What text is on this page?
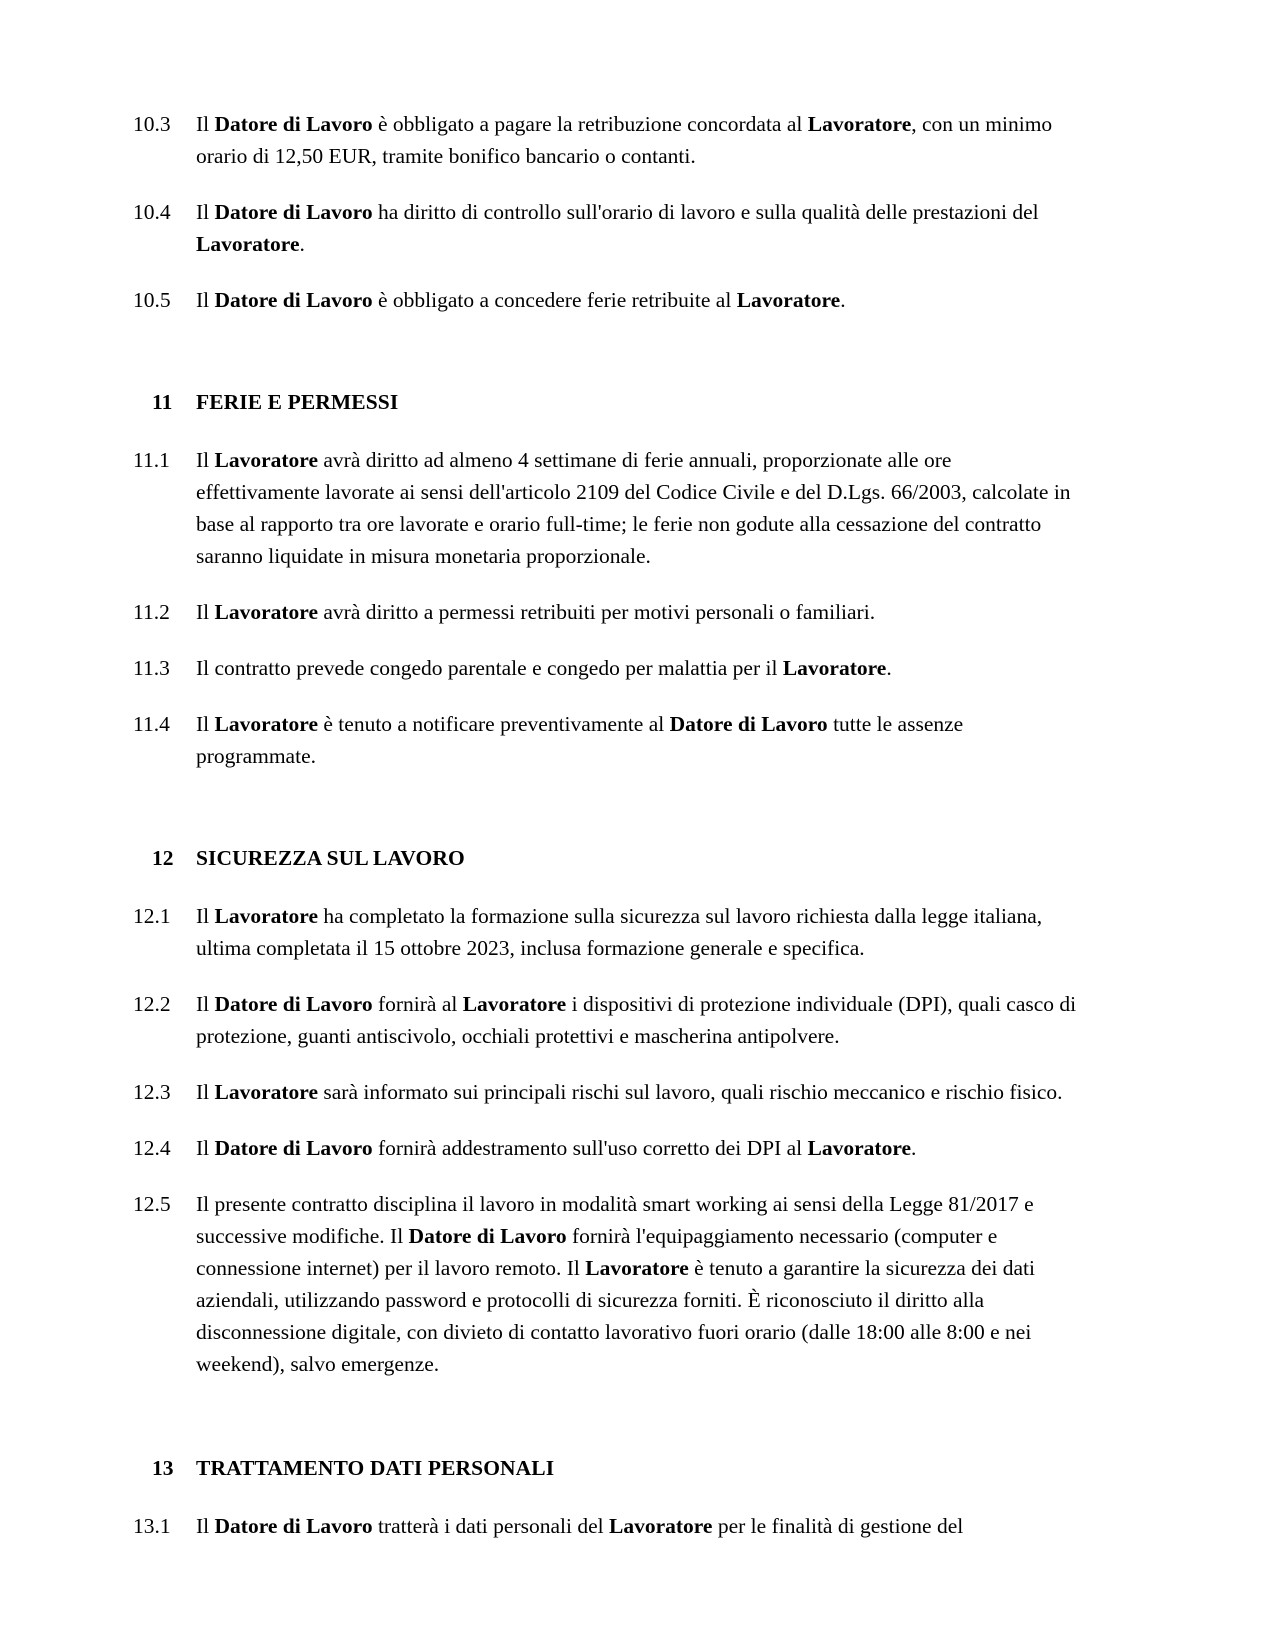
10.3	Il Datore di Lavoro è obbligato a pagare la retribuzione concordata al Lavoratore, con un minimo orario di 12,50 EUR, tramite bonifico bancario o contanti.
10.4	Il Datore di Lavoro ha diritto di controllo sull'orario di lavoro e sulla qualità delle prestazioni del Lavoratore.
10.5	Il Datore di Lavoro è obbligato a concedere ferie retribuite al Lavoratore.
11	FERIE E PERMESSI
11.1	Il Lavoratore avrà diritto ad almeno 4 settimane di ferie annuali, proporzionate alle ore effettivamente lavorate ai sensi dell'articolo 2109 del Codice Civile e del D.Lgs. 66/2003, calcolate in base al rapporto tra ore lavorate e orario full-time; le ferie non godute alla cessazione del contratto saranno liquidate in misura monetaria proporzionale.
11.2	Il Lavoratore avrà diritto a permessi retribuiti per motivi personali o familiari.
11.3	Il contratto prevede congedo parentale e congedo per malattia per il Lavoratore.
11.4	Il Lavoratore è tenuto a notificare preventivamente al Datore di Lavoro tutte le assenze programmate.
12	SICUREZZA SUL LAVORO
12.1	Il Lavoratore ha completato la formazione sulla sicurezza sul lavoro richiesta dalla legge italiana, ultima completata il 15 ottobre 2023, inclusa formazione generale e specifica.
12.2	Il Datore di Lavoro fornirà al Lavoratore i dispositivi di protezione individuale (DPI), quali casco di protezione, guanti antiscivolo, occhiali protettivi e mascherina antipolvere.
12.3	Il Lavoratore sarà informato sui principali rischi sul lavoro, quali rischio meccanico e rischio fisico.
12.4	Il Datore di Lavoro fornirà addestramento sull'uso corretto dei DPI al Lavoratore.
12.5	Il presente contratto disciplina il lavoro in modalità smart working ai sensi della Legge 81/2017 e successive modifiche. Il Datore di Lavoro fornirà l'equipaggiamento necessario (computer e connessione internet) per il lavoro remoto. Il Lavoratore è tenuto a garantire la sicurezza dei dati aziendali, utilizzando password e protocolli di sicurezza forniti. È riconosciuto il diritto alla disconnessione digitale, con divieto di contatto lavorativo fuori orario (dalle 18:00 alle 8:00 e nei weekend), salvo emergenze.
13	TRATTAMENTO DATI PERSONALI
13.1	Il Datore di Lavoro tratterà i dati personali del Lavoratore per le finalità di gestione del
